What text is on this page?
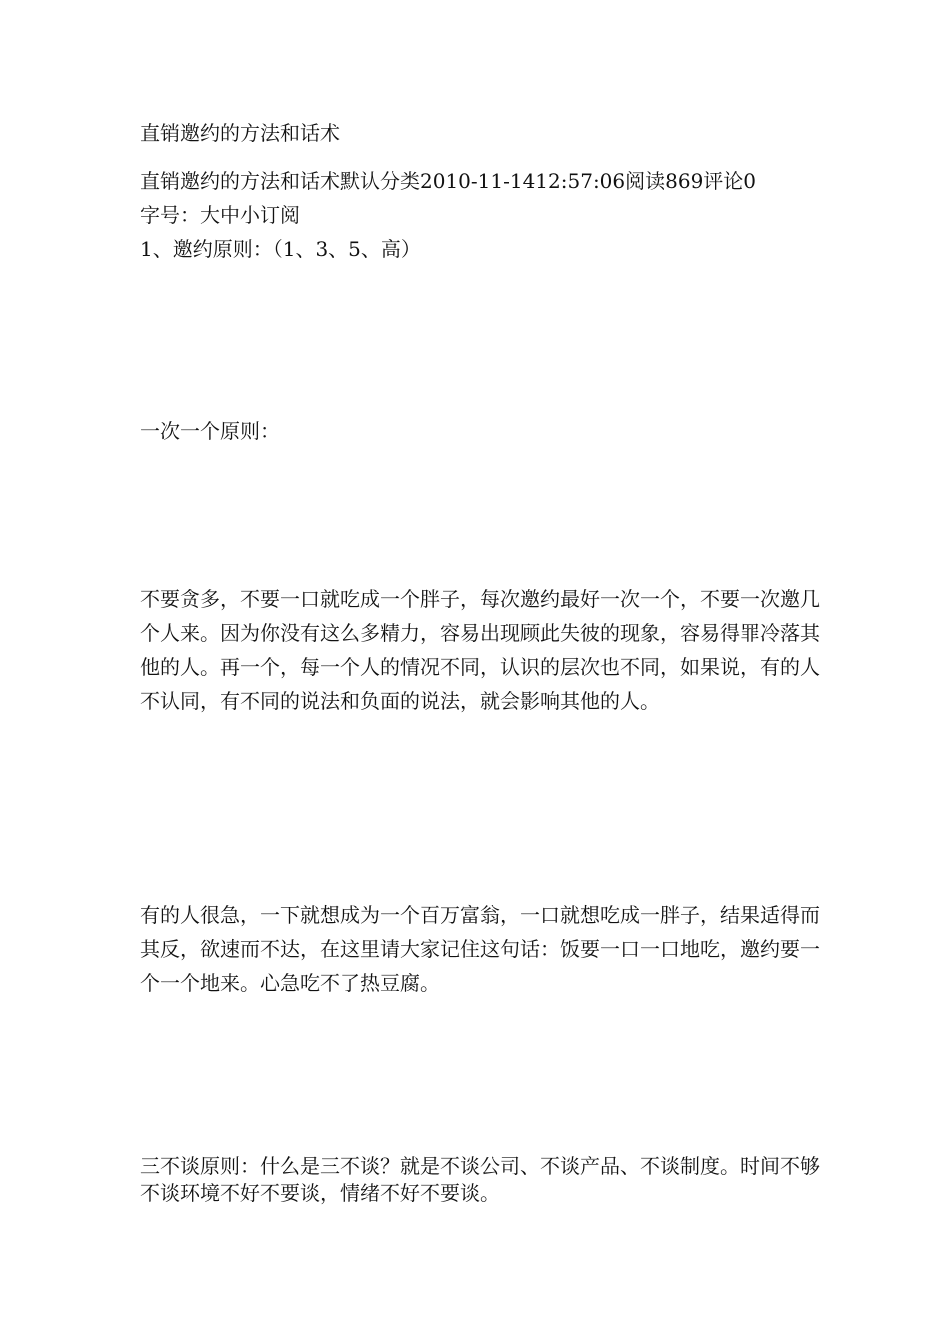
直销邀约的方法和话术
直销邀约的方法和话术默认分类2010-11-1412:57:06阅读869评论0
字号：大中小订阅
1、邀约原则：（1、3、5、高）
一次一个原则：
不要贪多，不要一口就吃成一个胖子，每次邀约最好一次一个，不要一次邀几个人来。因为你没有这么多精力，容易出现顾此失彼的现象，容易得罪冷落其他的人。再一个，每一个人的情况不同，认识的层次也不同，如果说，有的人不认同，有不同的说法和负面的说法，就会影响其他的人。
有的人很急，一下就想成为一个百万富翁，一口就想吃成一胖子，结果适得而其反，欲速而不达，在这里请大家记住这句话：饭要一口一口地吃，邀约要一个一个地来。心急吃不了热豆腐。
三不谈原则：什么是三不谈？就是不谈公司、不谈产品、不谈制度。时间不够不谈环境不好不要谈，情绪不好不要谈。
